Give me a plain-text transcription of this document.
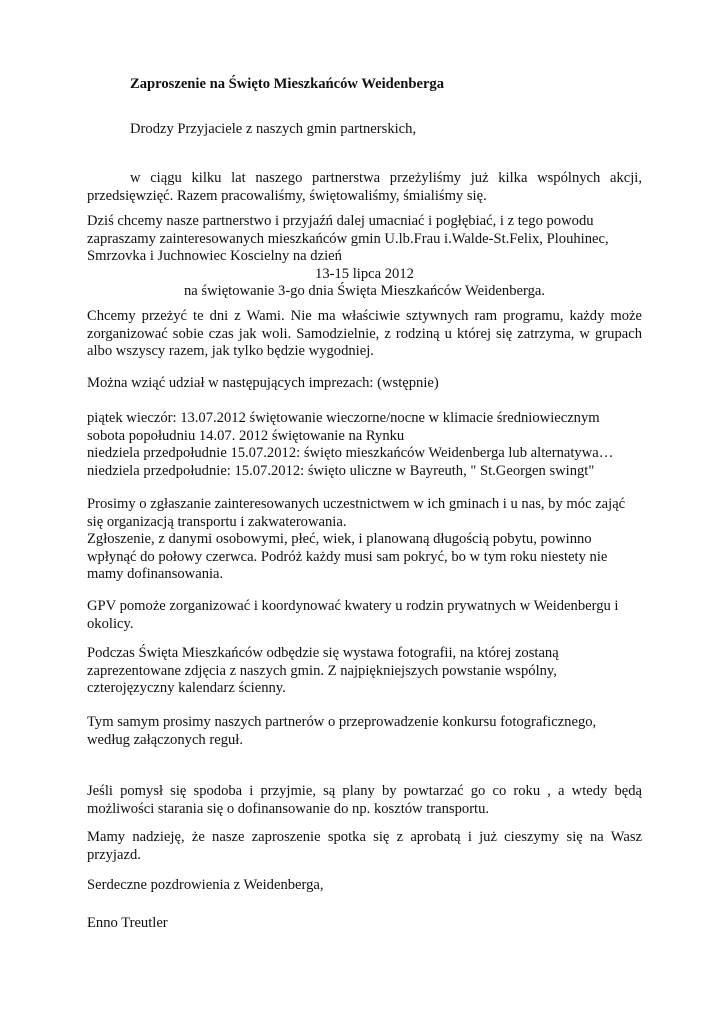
Zaproszenie na Święto Mieszkańców Weidenberga
Drodzy Przyjaciele z naszych gmin partnerskich,
w ciągu kilku lat naszego partnerstwa przeżyliśmy już kilka wspólnych akcji, przedsięwzięć. Razem pracowaliśmy, świętowaliśmy, śmialiśmy się.
Dziś chcemy nasze partnerstwo i przyjaźń dalej umacniać i pogłębiać, i z tego powodu
zapraszamy zainteresowanych mieszkańców gmin U.lb.Frau i.Walde-St.Felix, Plouhinec,
Smrzovka i Juchnowiec Koscielny na dzień
13-15 lipca 2012
na świętowanie 3-go dnia Święta Mieszkańców Weidenberga.
Chcemy przeżyć te dni z Wami. Nie ma właściwie sztywnych ram programu, każdy może zorganizować sobie czas jak woli. Samodzielnie, z rodziną u której się zatrzyma, w grupach albo wszyscy razem, jak tylko będzie wygodniej.
Można wziąć udział w następujących imprezach: (wstępnie)
piątek wieczór: 13.07.2012 świętowanie wieczorne/nocne w klimacie średniowiecznym
sobota popołudniu 14.07. 2012 świętowanie na Rynku
niedziela przedpołudnie 15.07.2012: święto mieszkańców Weidenberga lub alternatywa…
niedziela przedpołudnie: 15.07.2012: święto uliczne w Bayreuth, " St.Georgen swingt"
Prosimy o zgłaszanie zainteresowanych uczestnictwem w ich gminach i u nas, by móc zająć
się organizacją transportu i zakwaterowania.
Zgłoszenie, z danymi osobowymi, płeć, wiek, i planowaną długością pobytu, powinno
wpłynąć do połowy czerwca. Podróż każdy musi sam pokryć, bo w tym roku niestety nie
mamy dofinansowania.
GPV pomoże zorganizować i koordynować kwatery u rodzin prywatnych w Weidenbergu i
okolicy.
Podczas Święta Mieszkańców odbędzie się wystawa fotografii, na której zostaną
zaprezentowane zdjęcia z naszych gmin. Z najpiękniejszych powstanie wspólny,
czterojęzyczny kalendarz ścienny.
Tym samym prosimy naszych partnerów o przeprowadzenie konkursu fotograficznego,
według załączonych reguł.
Jeśli pomysł się spodoba i przyjmie, są plany by powtarzać go co roku , a wtedy będą możliwości starania się o dofinansowanie do np. kosztów transportu.
Mamy nadzieję, że nasze zaproszenie spotka się z aprobatą i już cieszymy się na Wasz przyjazd.
Serdeczne pozdrowienia z Weidenberga,
Enno Treutler
